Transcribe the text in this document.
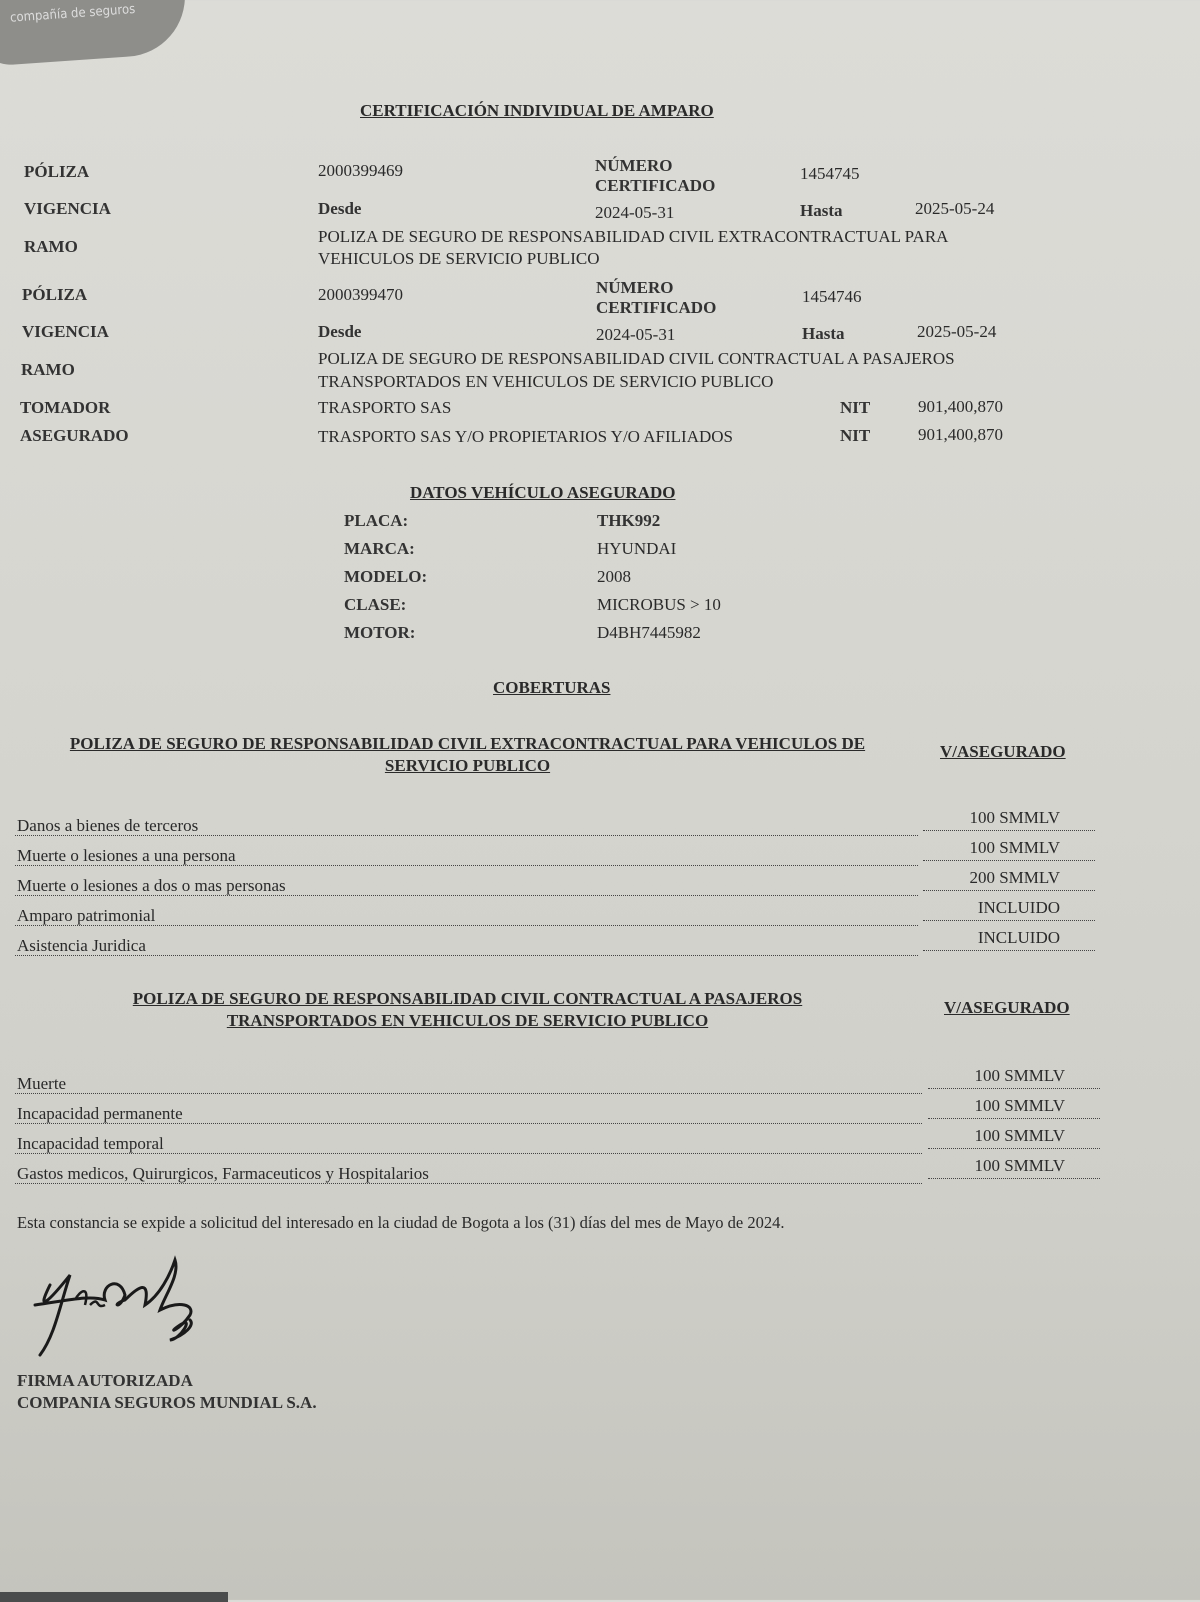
compañía de seguros
CERTIFICACIÓN INDIVIDUAL DE AMPARO
PÓLIZA	2000399469	NÚMERO
CERTIFICADO
1454745
VIGENCIA	Desde	2024-05-31	Hasta	2025-05-24
RAMO
POLIZA DE SEGURO DE RESPONSABILIDAD CIVIL EXTRACONTRACTUAL PARA
VEHICULOS DE SERVICIO PUBLICO
PÓLIZA	2000399470	NÚMERO
CERTIFICADO
1454746
VIGENCIA	Desde	2024-05-31	Hasta	2025-05-24
RAMO
POLIZA DE SEGURO DE RESPONSABILIDAD CIVIL CONTRACTUAL A PASAJEROS
TRANSPORTADOS EN VEHICULOS DE SERVICIO PUBLICO
TOMADOR	TRASPORTO SAS	NIT	901,400,870
ASEGURADO	TRASPORTO SAS Y/O PROPIETARIOS Y/O AFILIADOS	NIT	901,400,870
DATOS VEHÍCULO ASEGURADO
PLACA:	THK992
MARCA:	HYUNDAI
MODELO:	2008
CLASE:	MICROBUS > 10
MOTOR:	D4BH7445982
COBERTURAS
POLIZA DE SEGURO DE RESPONSABILIDAD CIVIL EXTRACONTRACTUAL PARA VEHICULOS DE
SERVICIO PUBLICO
V/ASEGURADO
Danos a bienes de terceros	100 SMMLV
Muerte o lesiones a una persona	100 SMMLV
Muerte o lesiones a dos o mas personas	200 SMMLV
Amparo patrimonial	INCLUIDO
Asistencia Juridica	INCLUIDO
POLIZA DE SEGURO DE RESPONSABILIDAD CIVIL CONTRACTUAL A PASAJEROS
TRANSPORTADOS EN VEHICULOS DE SERVICIO PUBLICO
V/ASEGURADO
Muerte	100 SMMLV
Incapacidad permanente	100 SMMLV
Incapacidad temporal	100 SMMLV
Gastos medicos, Quirurgicos, Farmaceuticos y Hospitalarios	100 SMMLV
Esta constancia se expide a solicitud del interesado en la ciudad de Bogota a los (31) días del mes de Mayo de 2024.
FIRMA AUTORIZADA
COMPANIA SEGUROS MUNDIAL S.A.
